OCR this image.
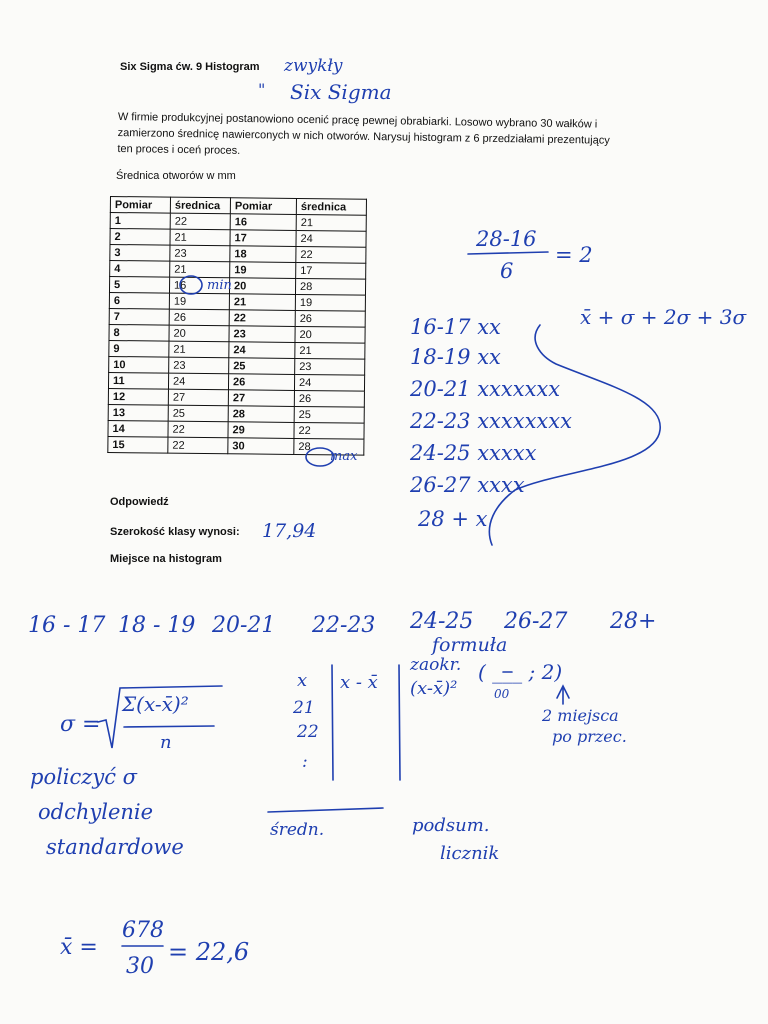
Six Sigma ćw. 9 Histogram
W firmie produkcyjnej postanowiono ocenić pracę pewnej obrabiarki. Losowo wybrano 30 wałków i
zamierzono średnicę nawierconych w nich otworów. Narysuj histogram z 6 przedziałami prezentujący
ten proces i oceń proces.
Średnica otworów w mm
Pomiar	średnica	Pomiar	średnica
1	22	16	21
2	21	17	24
3	23	18	22
4	21	19	17
5	16	20	28
6	19	21	19
7	26	22	26
8	20	23	20
9	21	24	21
10	23	25	23
11	24	26	24
12	27	27	26
13	25	28	25
14	22	29	22
15	22	30	28
Odpowiedź
Szerokość klasy wynosi:
Miejsce na histogram
zwykły
" Six Sigma
min
max
28-16
6
= 2
x̄ + σ + 2σ + 3σ
16-17 xx
18-19 xx
20-21 xxxxxxx
22-23 xxxxxxxx
24-25 xxxxx
26-27 xxxx
28 + x
17,94
16 - 17 18 - 19 20-21 22-23 24-25 26-27 28+
formuła
zaokr. ( ___ ; 2)
00
(x-x̄)²
2 miejsca
po przec.
σ =
Σ(x-x̄)²
n
x x - x̄
21
22
:
policzyć σ
odchylenie
standardowe
średn.	podsum.
licznik
x̄ =
678
30
= 22,6
